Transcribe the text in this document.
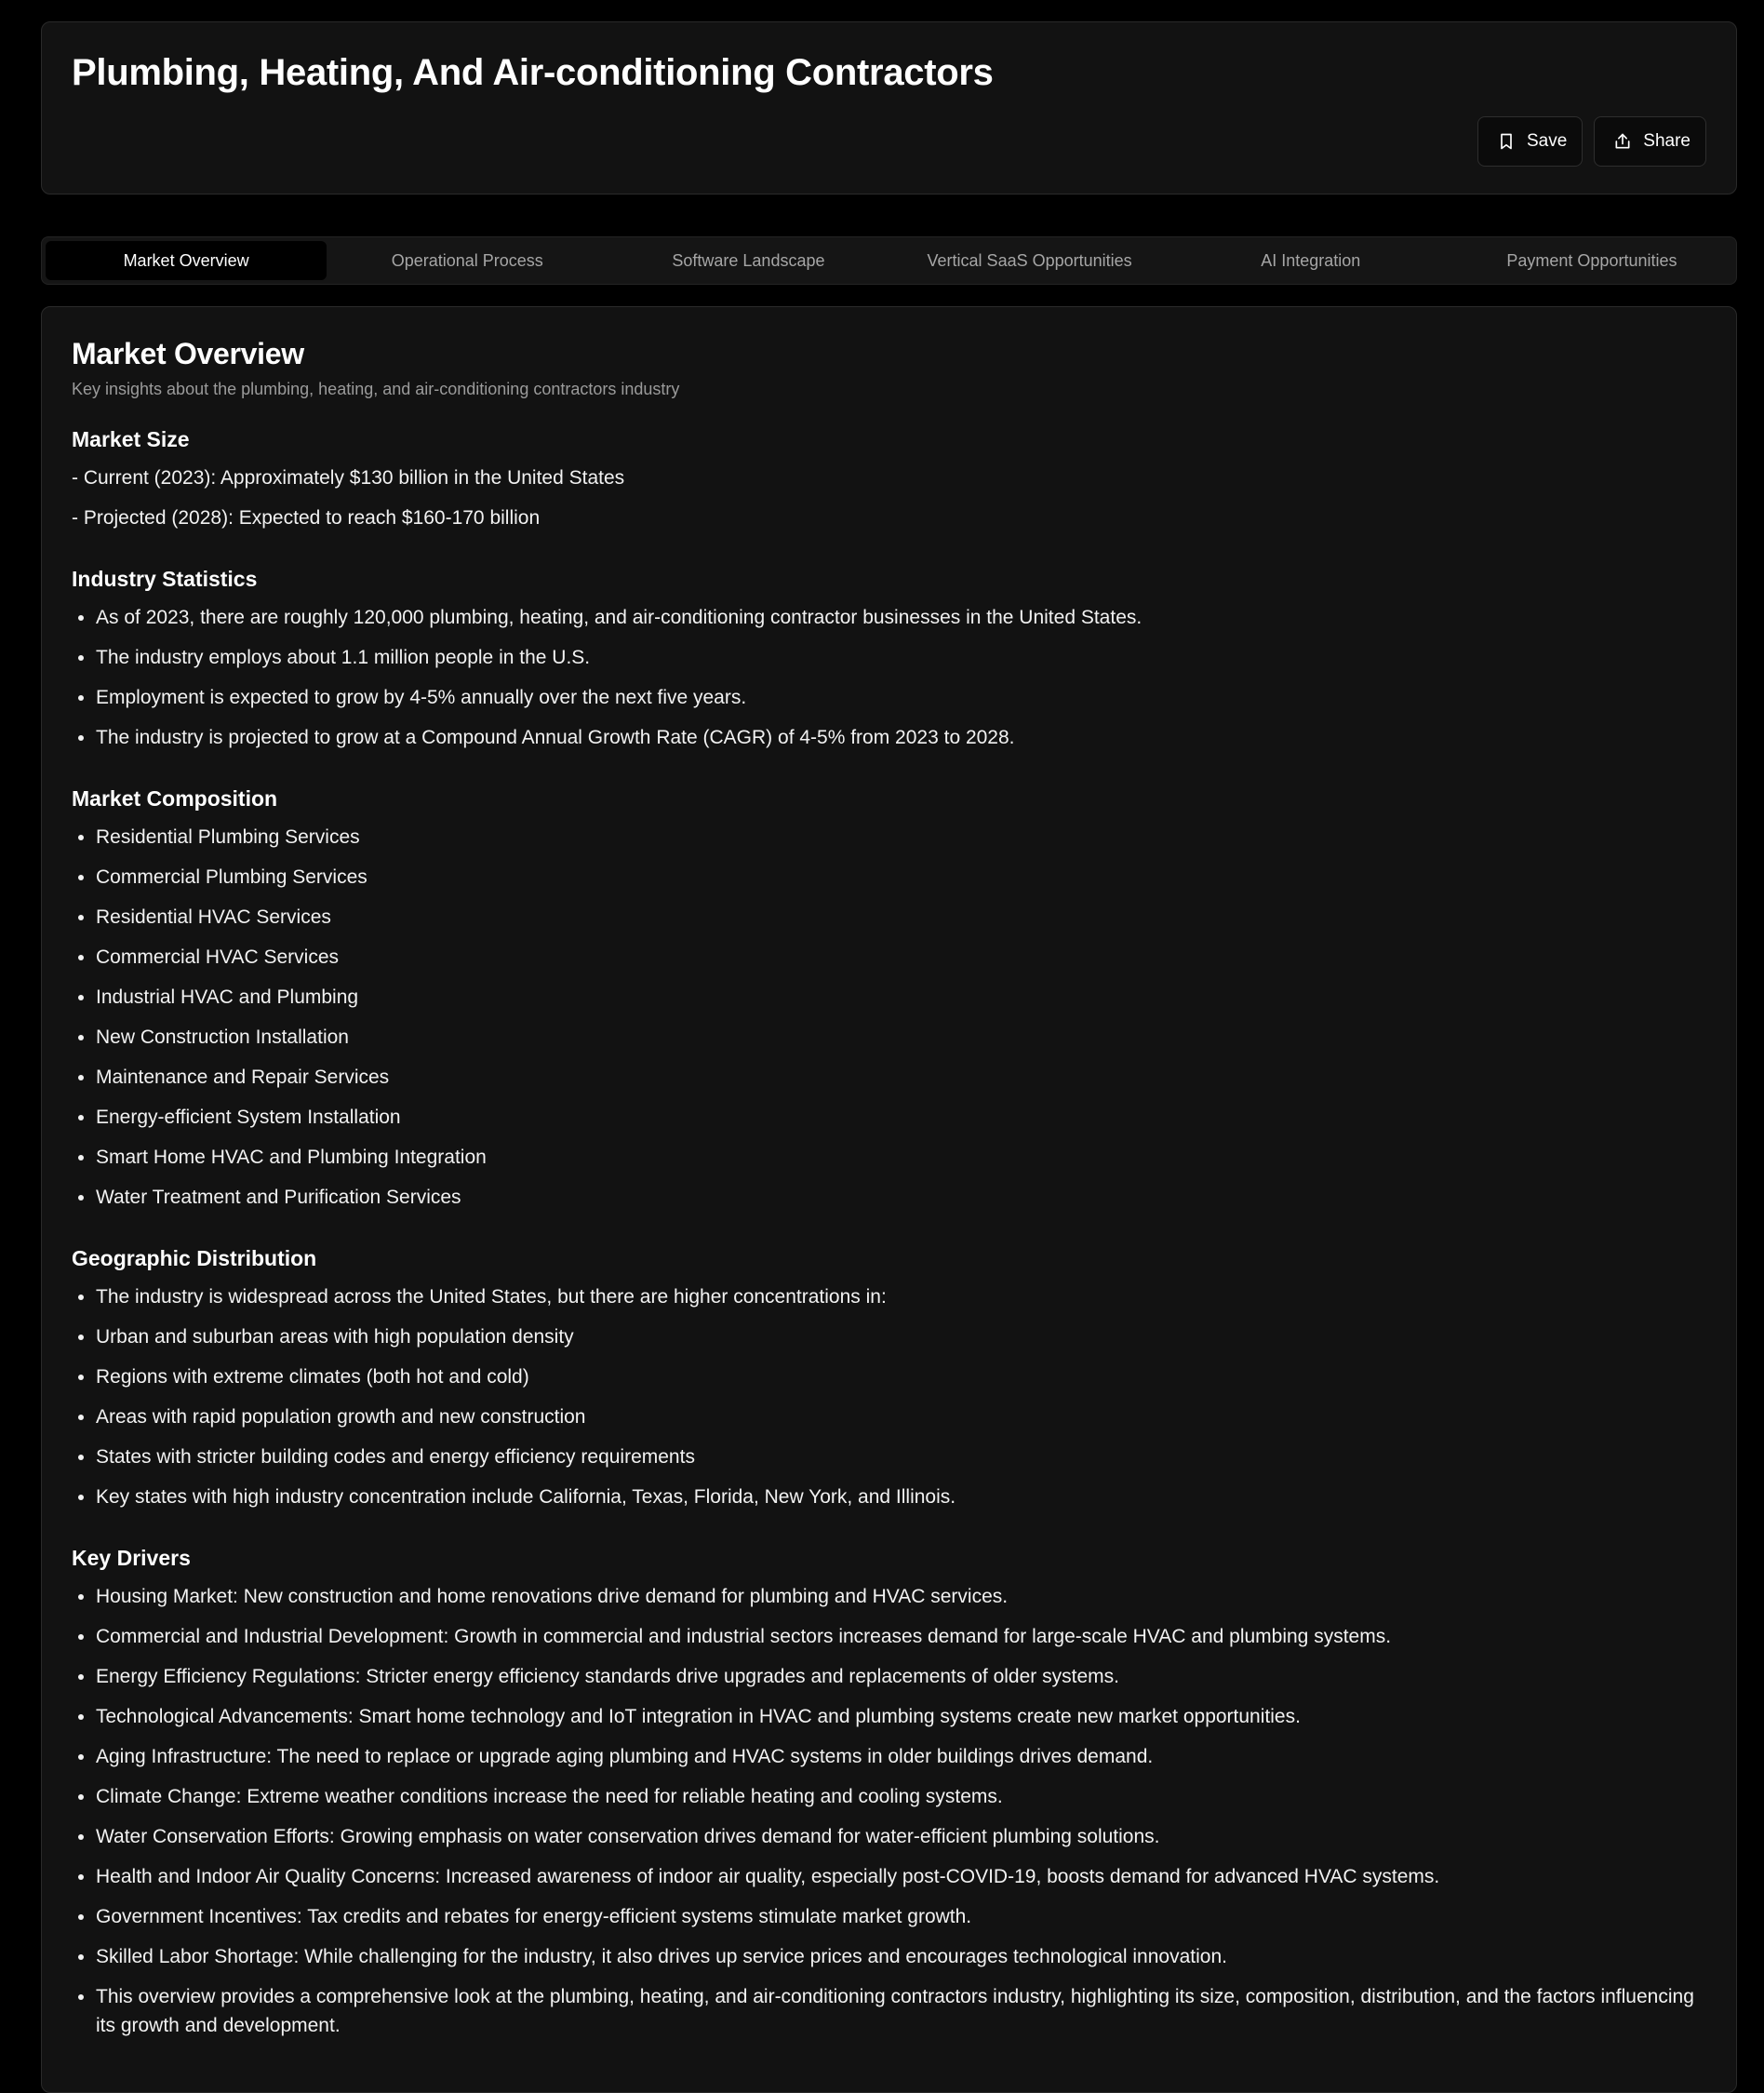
Plumbing, Heating, And Air-conditioning Contractors
Save	Share
Market Overview	Operational Process	Software Landscape	Vertical SaaS Opportunities	AI Integration	Payment Opportunities
Market Overview

Key insights about the plumbing, heating, and air-conditioning contractors industry

Market Size

- Current (2023): Approximately $130 billion in the United States

- Projected (2028): Expected to reach $160-170 billion

Industry Statistics
• As of 2023, there are roughly 120,000 plumbing, heating, and air-conditioning contractor businesses in the United States.
• The industry employs about 1.1 million people in the U.S.
• Employment is expected to grow by 4-5% annually over the next five years.
• The industry is projected to grow at a Compound Annual Growth Rate (CAGR) of 4-5% from 2023 to 2028.
Market Composition
• Residential Plumbing Services
• Commercial Plumbing Services
• Residential HVAC Services
• Commercial HVAC Services
• Industrial HVAC and Plumbing
• New Construction Installation
• Maintenance and Repair Services
• Energy-efficient System Installation
• Smart Home HVAC and Plumbing Integration
• Water Treatment and Purification Services
Geographic Distribution
• The industry is widespread across the United States, but there are higher concentrations in:
• Urban and suburban areas with high population density
• Regions with extreme climates (both hot and cold)
• Areas with rapid population growth and new construction
• States with stricter building codes and energy efficiency requirements
• Key states with high industry concentration include California, Texas, Florida, New York, and Illinois.
Key Drivers
• Housing Market: New construction and home renovations drive demand for plumbing and HVAC services.
• Commercial and Industrial Development: Growth in commercial and industrial sectors increases demand for large-scale HVAC and plumbing systems.
• Energy Efficiency Regulations: Stricter energy efficiency standards drive upgrades and replacements of older systems.
• Technological Advancements: Smart home technology and IoT integration in HVAC and plumbing systems create new market opportunities.
• Aging Infrastructure: The need to replace or upgrade aging plumbing and HVAC systems in older buildings drives demand.
• Climate Change: Extreme weather conditions increase the need for reliable heating and cooling systems.
• Water Conservation Efforts: Growing emphasis on water conservation drives demand for water-efficient plumbing solutions.
• Health and Indoor Air Quality Concerns: Increased awareness of indoor air quality, especially post-COVID-19, boosts demand for advanced HVAC systems.
• Government Incentives: Tax credits and rebates for energy-efficient systems stimulate market growth.
• Skilled Labor Shortage: While challenging for the industry, it also drives up service prices and encourages technological innovation.
• This overview provides a comprehensive look at the plumbing, heating, and air-conditioning contractors industry, highlighting its size, composition, distribution, and the factors influencing its growth and development.
